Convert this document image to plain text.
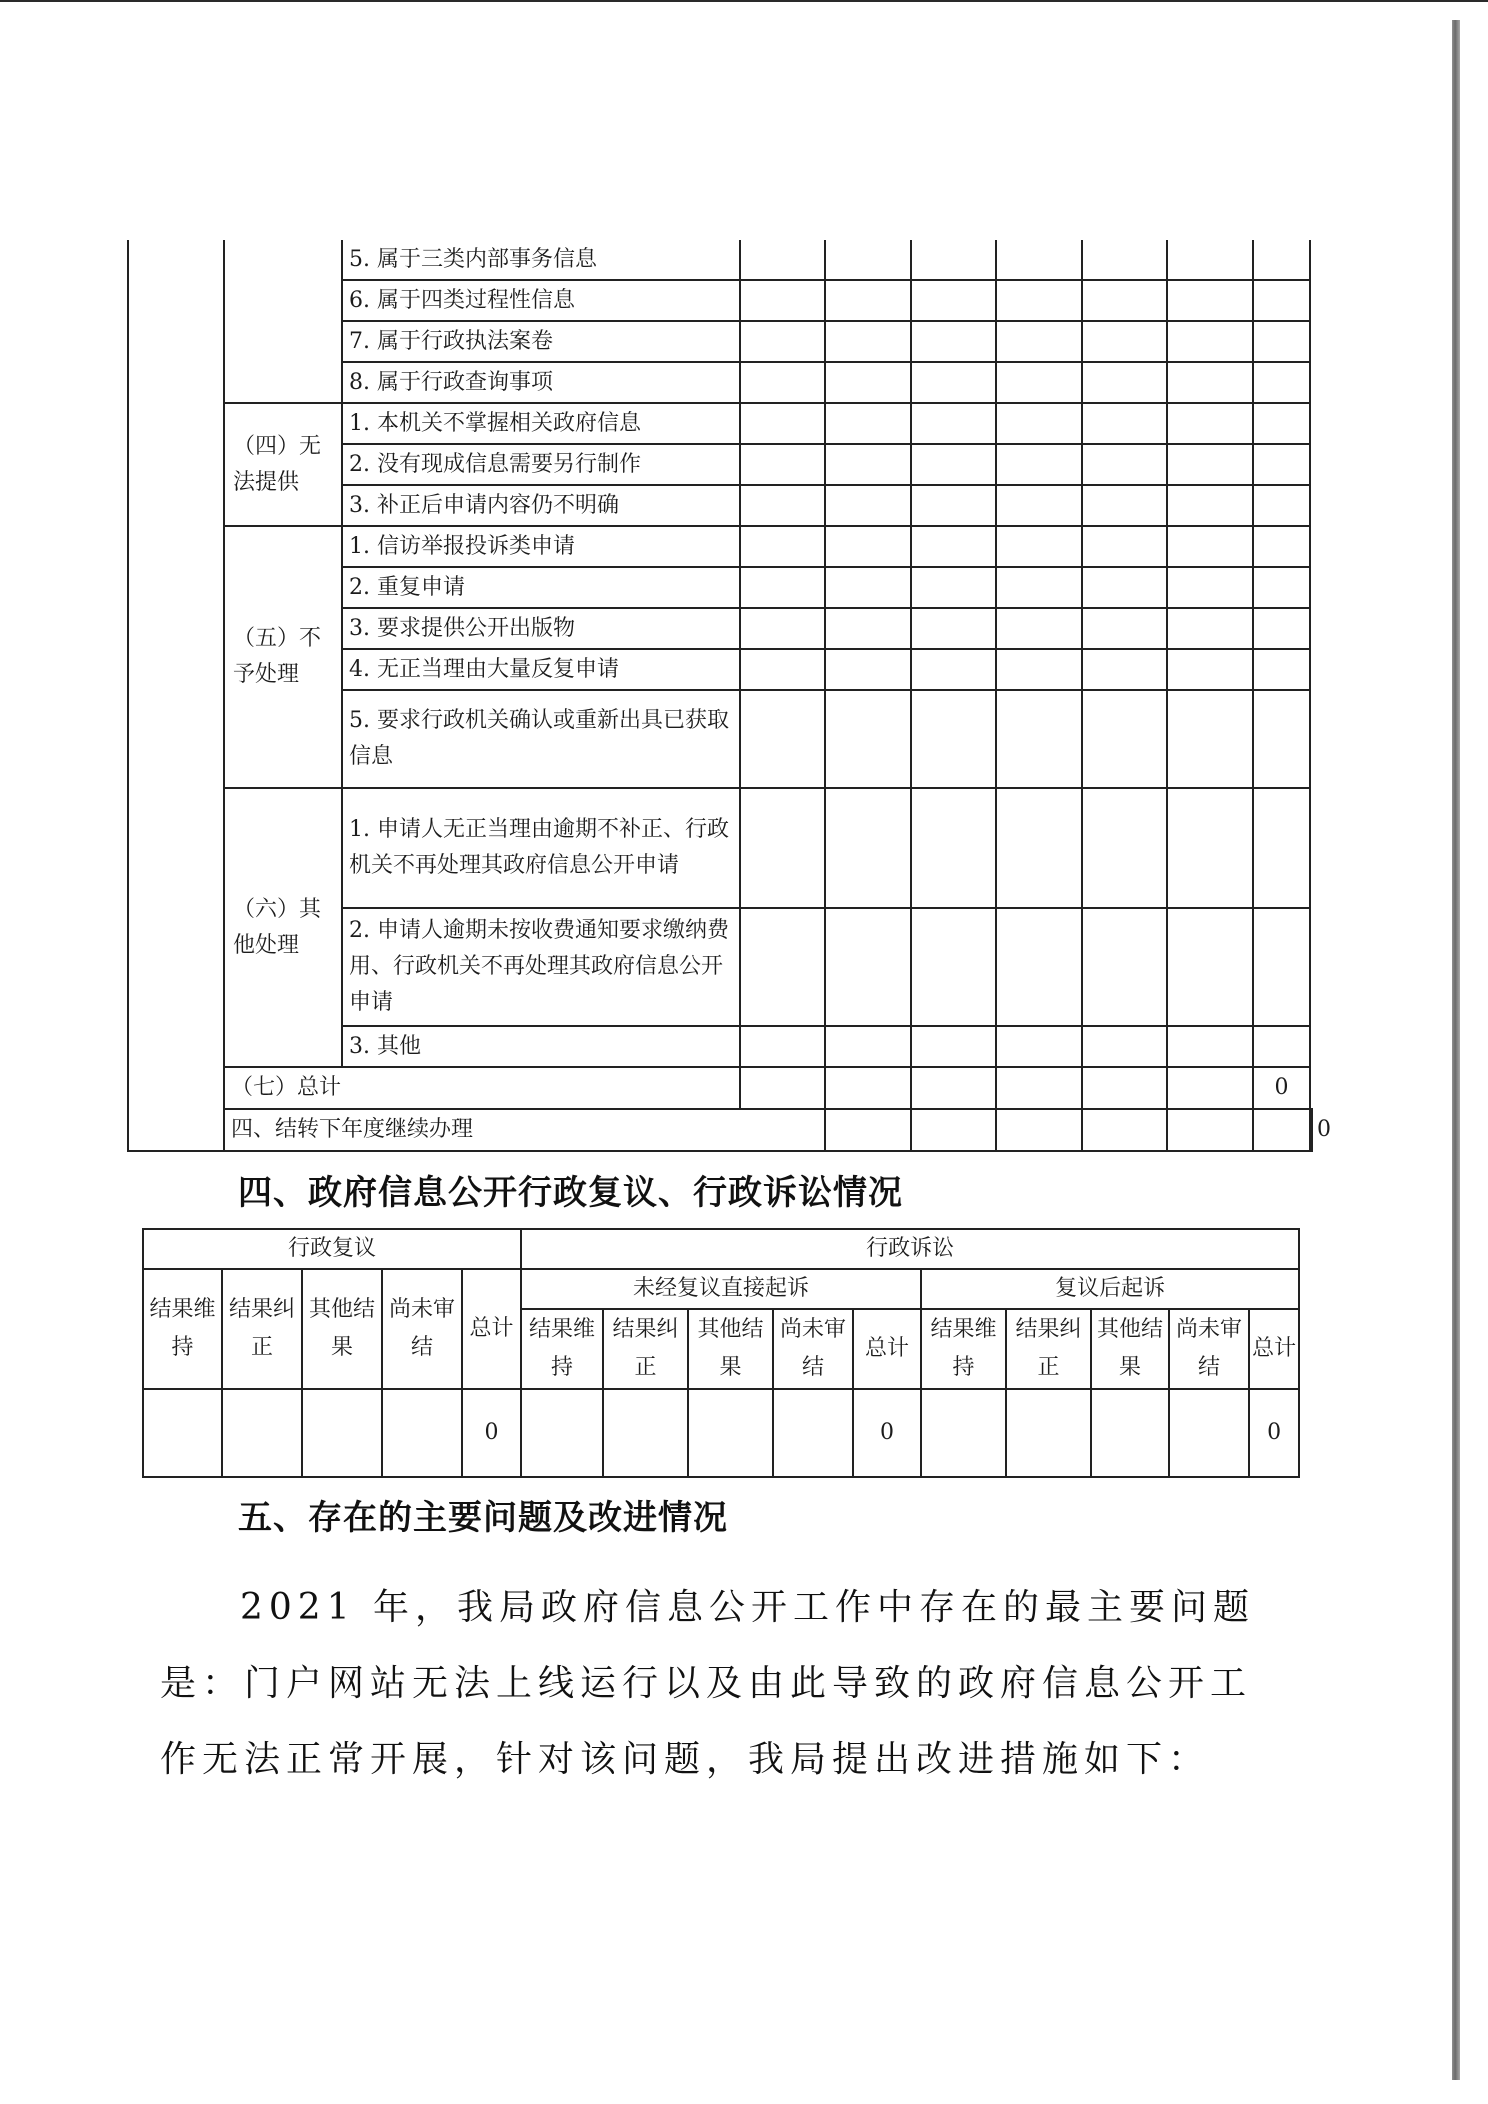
		5. 属于三类内部事务信息								
		6. 属于四类过程性信息								
		7. 属于行政执法案卷								
		8. 属于行政查询事项								
	（四）无法提供	1. 本机关不掌握相关政府信息								
		2. 没有现成信息需要另行制作								
		3. 补正后申请内容仍不明确								
	（五）不予处理	1. 信访举报投诉类申请								
		2. 重复申请								
		3. 要求提供公开出版物								
		4. 无正当理由大量反复申请								
		5. 要求行政机关确认或重新出具已获取信息								
	（六）其他处理	1. 申请人无正当理由逾期不补正、行政机关不再处理其政府信息公开申请								
		2. 申请人逾期未按收费通知要求缴纳费用、行政机关不再处理其政府信息公开申请								
		3. 其他								
	（七）总计								0	
	四、结转下年度继续办理									0
四、政府信息公开行政复议、行政诉讼情况
行政复议					行政诉讼									
结果维持	结果纠正	其他结果	尚未审结	总计	未经复议直接起诉					复议后起诉				
					结果维持	结果纠正	其他结果	尚未审结	总计	结果维持	结果纠正	其他结果	尚未审结	总计
				0					0					0
五、存在的主要问题及改进情况
2021 年，我局政府信息公开工作中存在的最主要问题是：门户网站无法上线运行以及由此导致的政府信息公开工作无法正常开展，针对该问题，我局提出改进措施如下：
